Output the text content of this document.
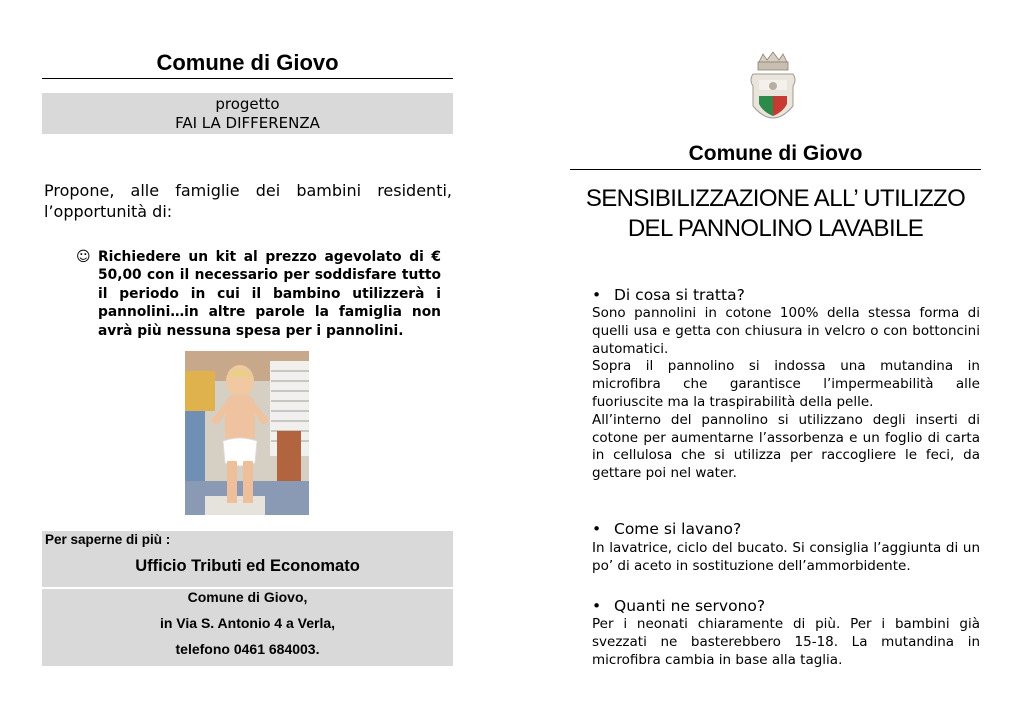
Comune di Giovo
progetto
FAI LA DIFFERENZA
Propone, alle famiglie dei bambini residenti,
l’opportunità di:
☺ Richiedere un kit al prezzo agevolato di € 50,00 con il necessario per soddisfare tutto il periodo in cui il bambino utilizzerà i pannolini…in altre parole la famiglia non avrà più nessuna spesa per i pannolini.
Per saperne di più :
Ufficio Tributi ed Economato
Comune di Giovo,
in Via S. Antonio 4 a Verla,
telefono 0461 684003.
Comune di Giovo
SENSIBILIZZAZIONE ALL’ UTILIZZO
DEL PANNOLINO LAVABILE
• Di cosa si tratta?

Sono pannolini in cotone 100% della stessa forma di quelli usa e getta con chiusura in velcro o con bottoncini automatici.

Sopra il pannolino si indossa una mutandina in microfibra che garantisce l’impermeabilità alle fuoriuscite ma la traspirabilità della pelle.

All’interno del pannolino si utilizzano degli inserti di cotone per aumentarne l’assorbenza e un foglio di carta in cellulosa che si utilizza per raccogliere le feci, da gettare poi nel water.

• Come si lavano?

In lavatrice, ciclo del bucato. Si consiglia l’aggiunta di un po’ di aceto in sostituzione dell’ammorbidente.

• Quanti ne servono?

Per i neonati chiaramente di più. Per i bambini già svezzati ne basterebbero 15-18. La mutandina in microfibra cambia in base alla taglia.
